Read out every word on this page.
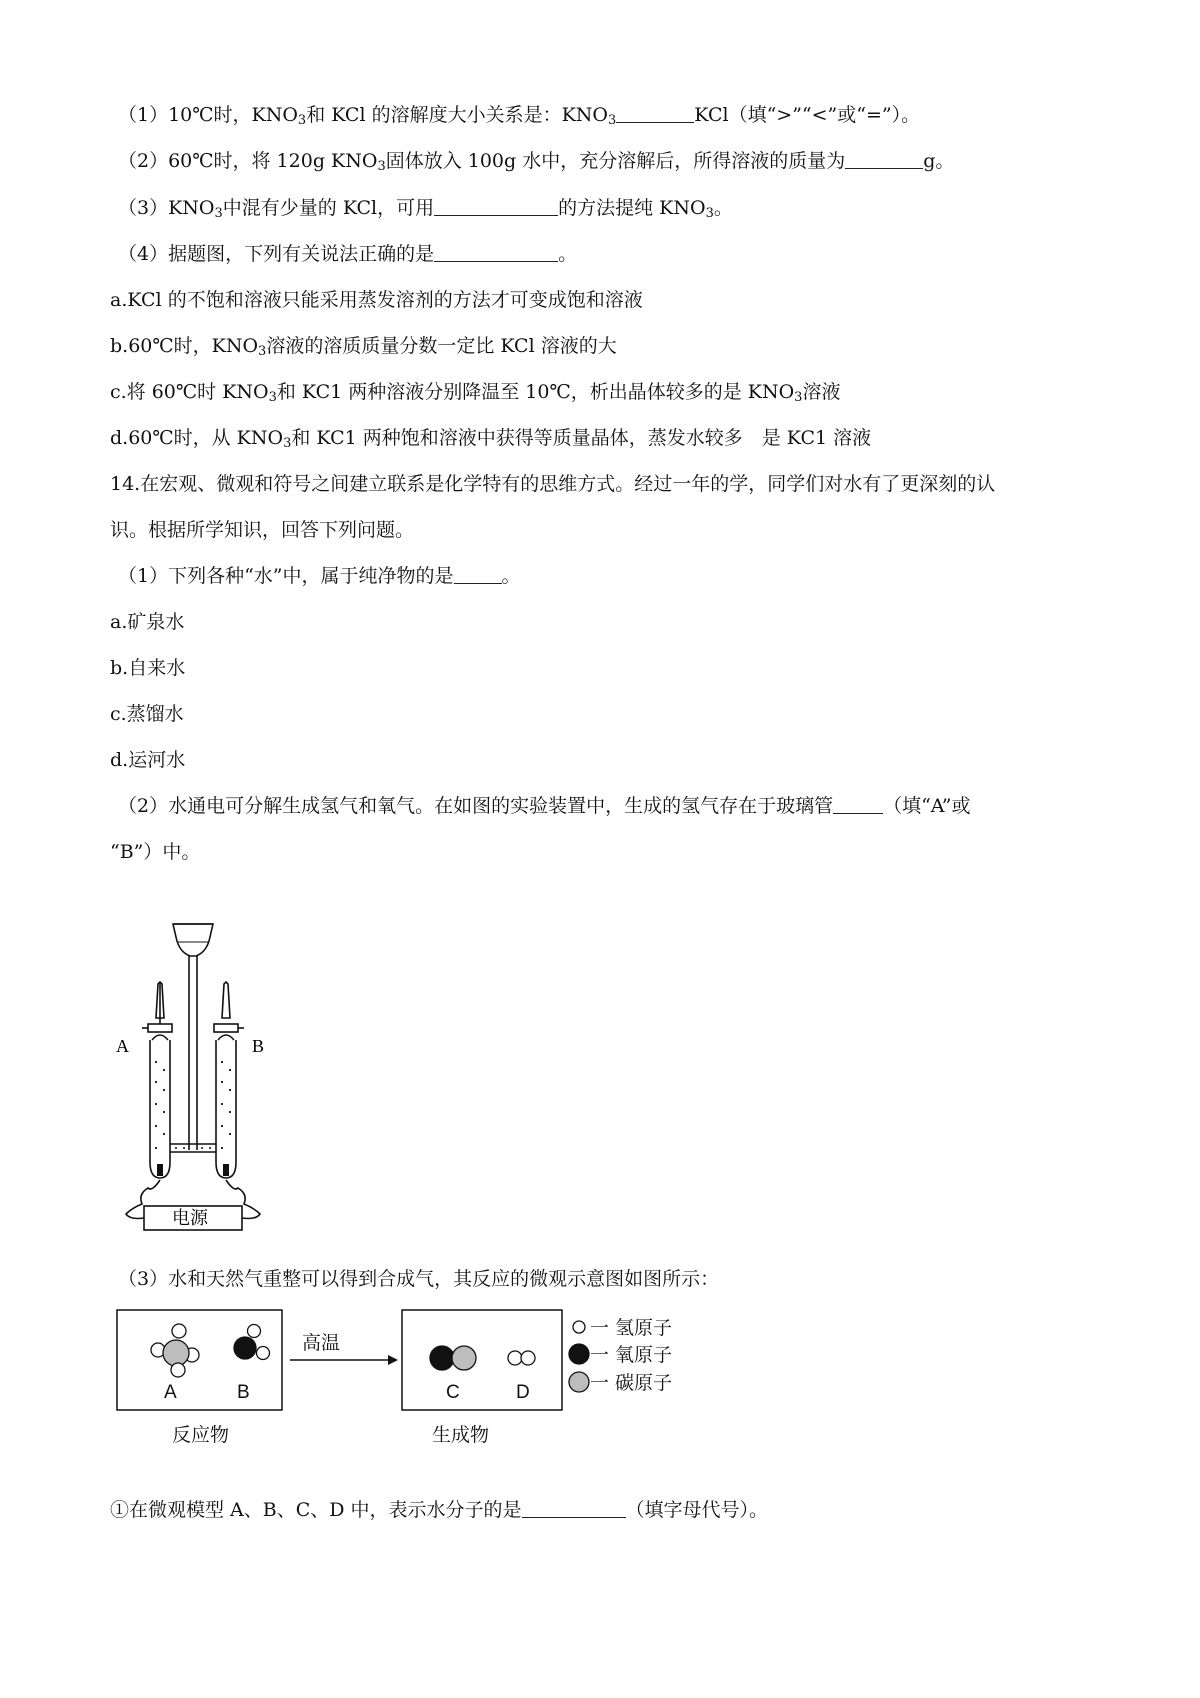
（1）10℃时，$KNO_3$和 KCl 的溶解度大小关系是：$KNO_3$	KCl（填“>”“<”或“=”）。
（2）60℃时，将 120g $KNO_3$固体放入 100g 水中，充分溶解后，所得溶液的质量为	g。
$(3)KNO_3$中混有少量的 KCl，可用	的方法提纯 $KNO_3$。
（4）据题图，下列有关说法正确的是	。
a.KCl 的不饱和溶液只能采用蒸发溶剂的方法才可变成饱和溶液
b.60℃时，$KNO_3$溶液的溶质质量分数一定比 KCl 溶液的大
c.将 60℃时 $KNO_3$和 KC1 两种溶液分别降温至 10℃，析出晶体较多的是 $KNO_3$溶液
d.60℃时，从 $KNO_3$和 KC1 两种饱和溶液中获得等质量晶体，蒸发水较多　是 KC1 溶液
14.在宏观、微观和符号之间建立联系是化学特有的思维方式。经过一年的学，同学们对水有了更深刻的认
识。根据所学知识，回答下列问题。
（1）下列各种“水”中，属于纯净物的是	。
a.矿泉水
b.自来水
c.蒸馏水
d.运河水
（2）水通电可分解生成氢气和氧气。在如图的实验装置中，生成的氢气存在于玻璃管	（填“A”或
“B”）中。
A	B
电源
（3）水和天然气重整可以得到合成气，其反应的微观示意图如图所示：
A	B	C	D
高温
反应物	生成物
一 氢原子
一 氧原子
一 碳原子
①在微观模型 A、B、C、D 中，表示水分子的是	（填字母代号）。
